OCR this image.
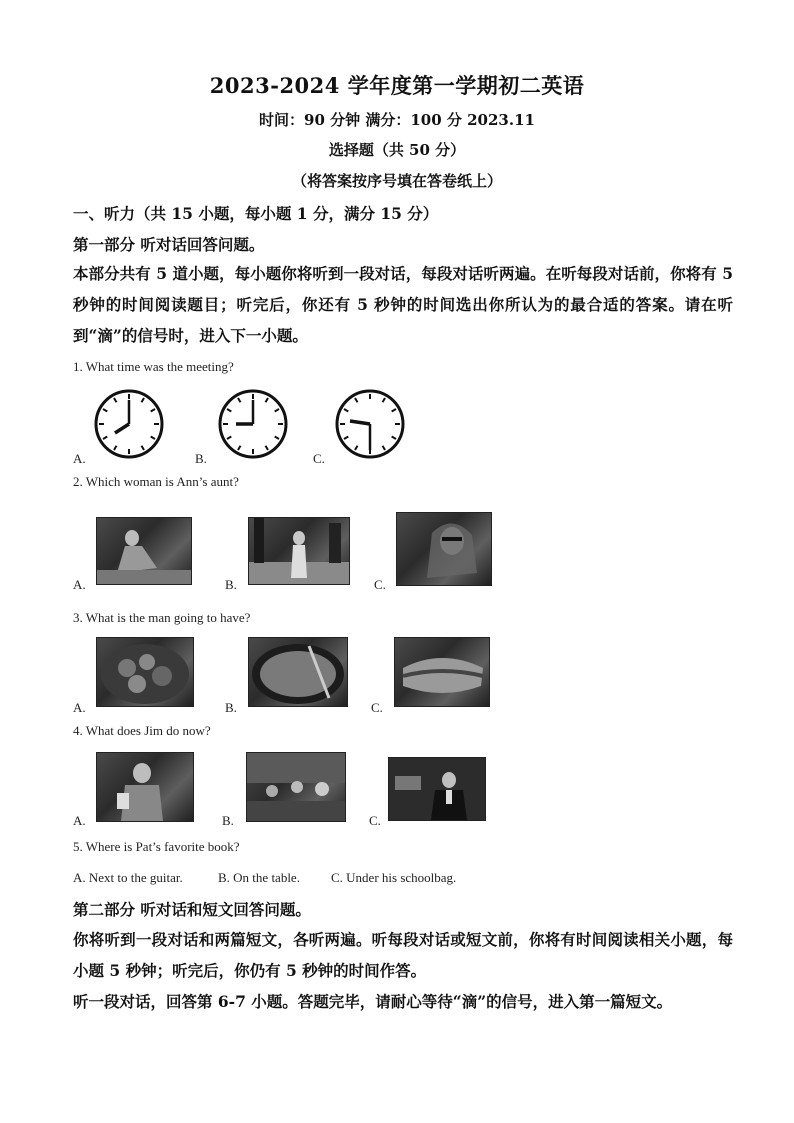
2023-2024 学年度第一学期初二英语
时间：90 分钟 满分：100 分 2023.11
选择题（共 50 分）
（将答案按序号填在答卷纸上）
一、听力（共 15 小题，每小题 1 分，满分 15 分）
第一部分 听对话回答问题。
本部分共有 5 道小题，每小题你将听到一段对话，每段对话听两遍。在听每段对话前，你将有 5 秒钟的时间阅读题目；听完后，你还有 5 秒钟的时间选出你所认为的最合适的答案。请在听到“滴”的信号时，进入下一小题。
1. What time was the meeting?
A.	B.	C.
2. Which woman is Ann’s aunt?
A.	B.	C.
3. What is the man going to have?
A.	B.	C.
4. What does Jim do now?
A.	B.	C.
5. Where is Pat’s favorite book?
A. Next to the guitar.	B. On the table. C. Under his schoolbag.
第二部分 听对话和短文回答问题。
你将听到一段对话和两篇短文，各听两遍。听每段对话或短文前，你将有时间阅读相关小题，每小题 5 秒钟；听完后，你仍有 5 秒钟的时间作答。
听一段对话，回答第 6-7 小题。答题完毕，请耐心等待“滴”的信号，进入第一篇短文。
